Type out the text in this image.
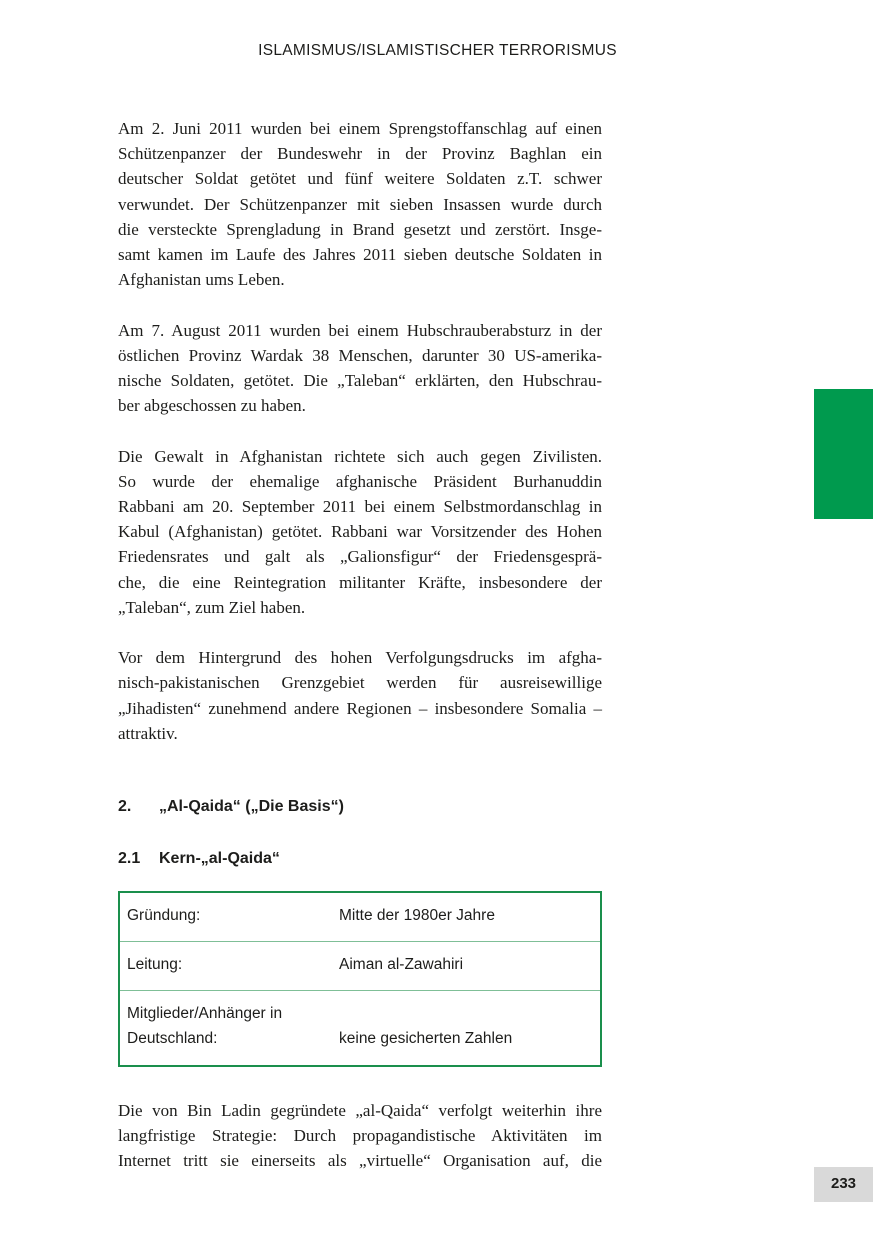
ISLAMISMUS/ISLAMISTISCHER TERRORISMUS
Am 2. Juni 2011 wurden bei einem Sprengstoffanschlag auf einen
Schützenpanzer der Bundeswehr in der Provinz Baghlan ein
deutscher Soldat getötet und fünf weitere Soldaten z.T. schwer
verwundet. Der Schützenpanzer mit sieben Insassen wurde durch
die versteckte Sprengladung in Brand gesetzt und zerstört. Insge-
samt kamen im Laufe des Jahres 2011 sieben deutsche Soldaten in
Afghanistan ums Leben.
Am 7. August 2011 wurden bei einem Hubschrauberabsturz in der
östlichen Provinz Wardak 38 Menschen, darunter 30 US-amerika-
nische Soldaten, getötet. Die „Taleban“ erklärten, den Hubschrau-
ber abgeschossen zu haben.
Die Gewalt in Afghanistan richtete sich auch gegen Zivilisten.
So wurde der ehemalige afghanische Präsident Burhanuddin
Rabbani am 20. September 2011 bei einem Selbstmordanschlag in
Kabul (Afghanistan) getötet. Rabbani war Vorsitzender des Hohen
Friedensrates und galt als „Galionsfigur“ der Friedensgesprä-
che, die eine Reintegration militanter Kräfte, insbesondere der
„Taleban“, zum Ziel haben.
Vor dem Hintergrund des hohen Verfolgungsdrucks im afgha-
nisch-pakistanischen Grenzgebiet werden für ausreisewillige
„Jihadisten“ zunehmend andere Regionen – insbesondere Somalia –
attraktiv.
2. „Al-Qaida“ („Die Basis“)
2.1 Kern-„al-Qaida“
Gründung:	Mitte der 1980er Jahre
Leitung:	Aiman al-Zawahiri
Mitglieder/Anhänger in
Deutschland:	keine gesicherten Zahlen
Die von Bin Ladin gegründete „al-Qaida“ verfolgt weiterhin ihre
langfristige Strategie: Durch propagandistische Aktivitäten im
Internet tritt sie einerseits als „virtuelle“ Organisation auf, die
233
